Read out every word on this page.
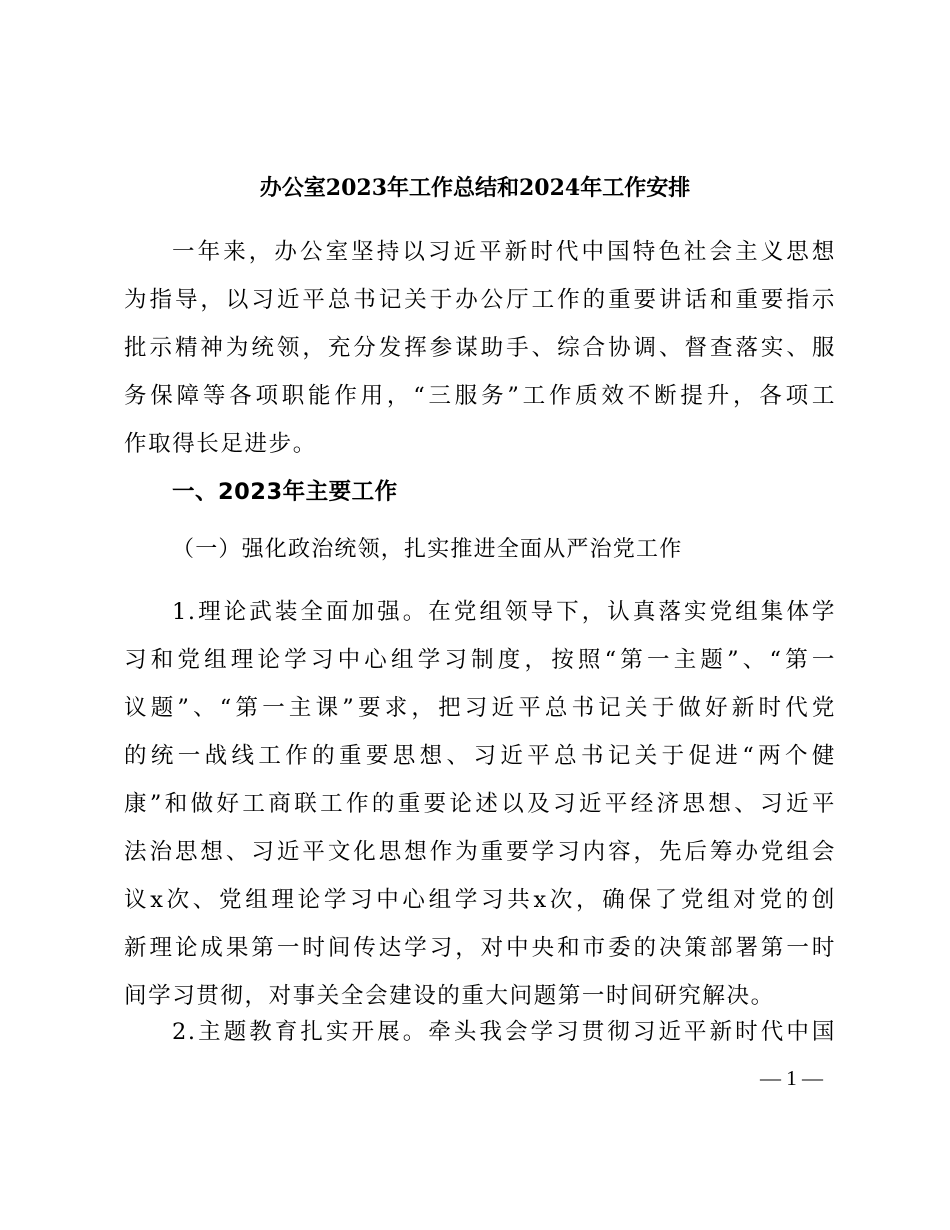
办公室2023年工作总结和2024年工作安排
一年来，办公室坚持以习近平新时代中国特色社会主义思想
为指导，以习近平总书记关于办公厅工作的重要讲话和重要指示
批示精神为统领，充分发挥参谋助手、综合协调、督查落实、服
务保障等各项职能作用，“三服务”工作质效不断提升，各项工
作取得长足进步。
一、2023年主要工作
（一）强化政治统领，扎实推进全面从严治党工作
1.理论武装全面加强。在党组领导下，认真落实党组集体学
习和党组理论学习中心组学习制度，按照“第一主题”、“第一
议题”、“第一主课”要求，把习近平总书记关于做好新时代党
的统一战线工作的重要思想、习近平总书记关于促进“两个健
康”和做好工商联工作的重要论述以及习近平经济思想、习近平
法治思想、习近平文化思想作为重要学习内容，先后筹办党组会
议x次、党组理论学习中心组学习共x次，确保了党组对党的创
新理论成果第一时间传达学习，对中央和市委的决策部署第一时
间学习贯彻，对事关全会建设的重大问题第一时间研究解决。
2.主题教育扎实开展。牵头我会学习贯彻习近平新时代中国
— 1 —
